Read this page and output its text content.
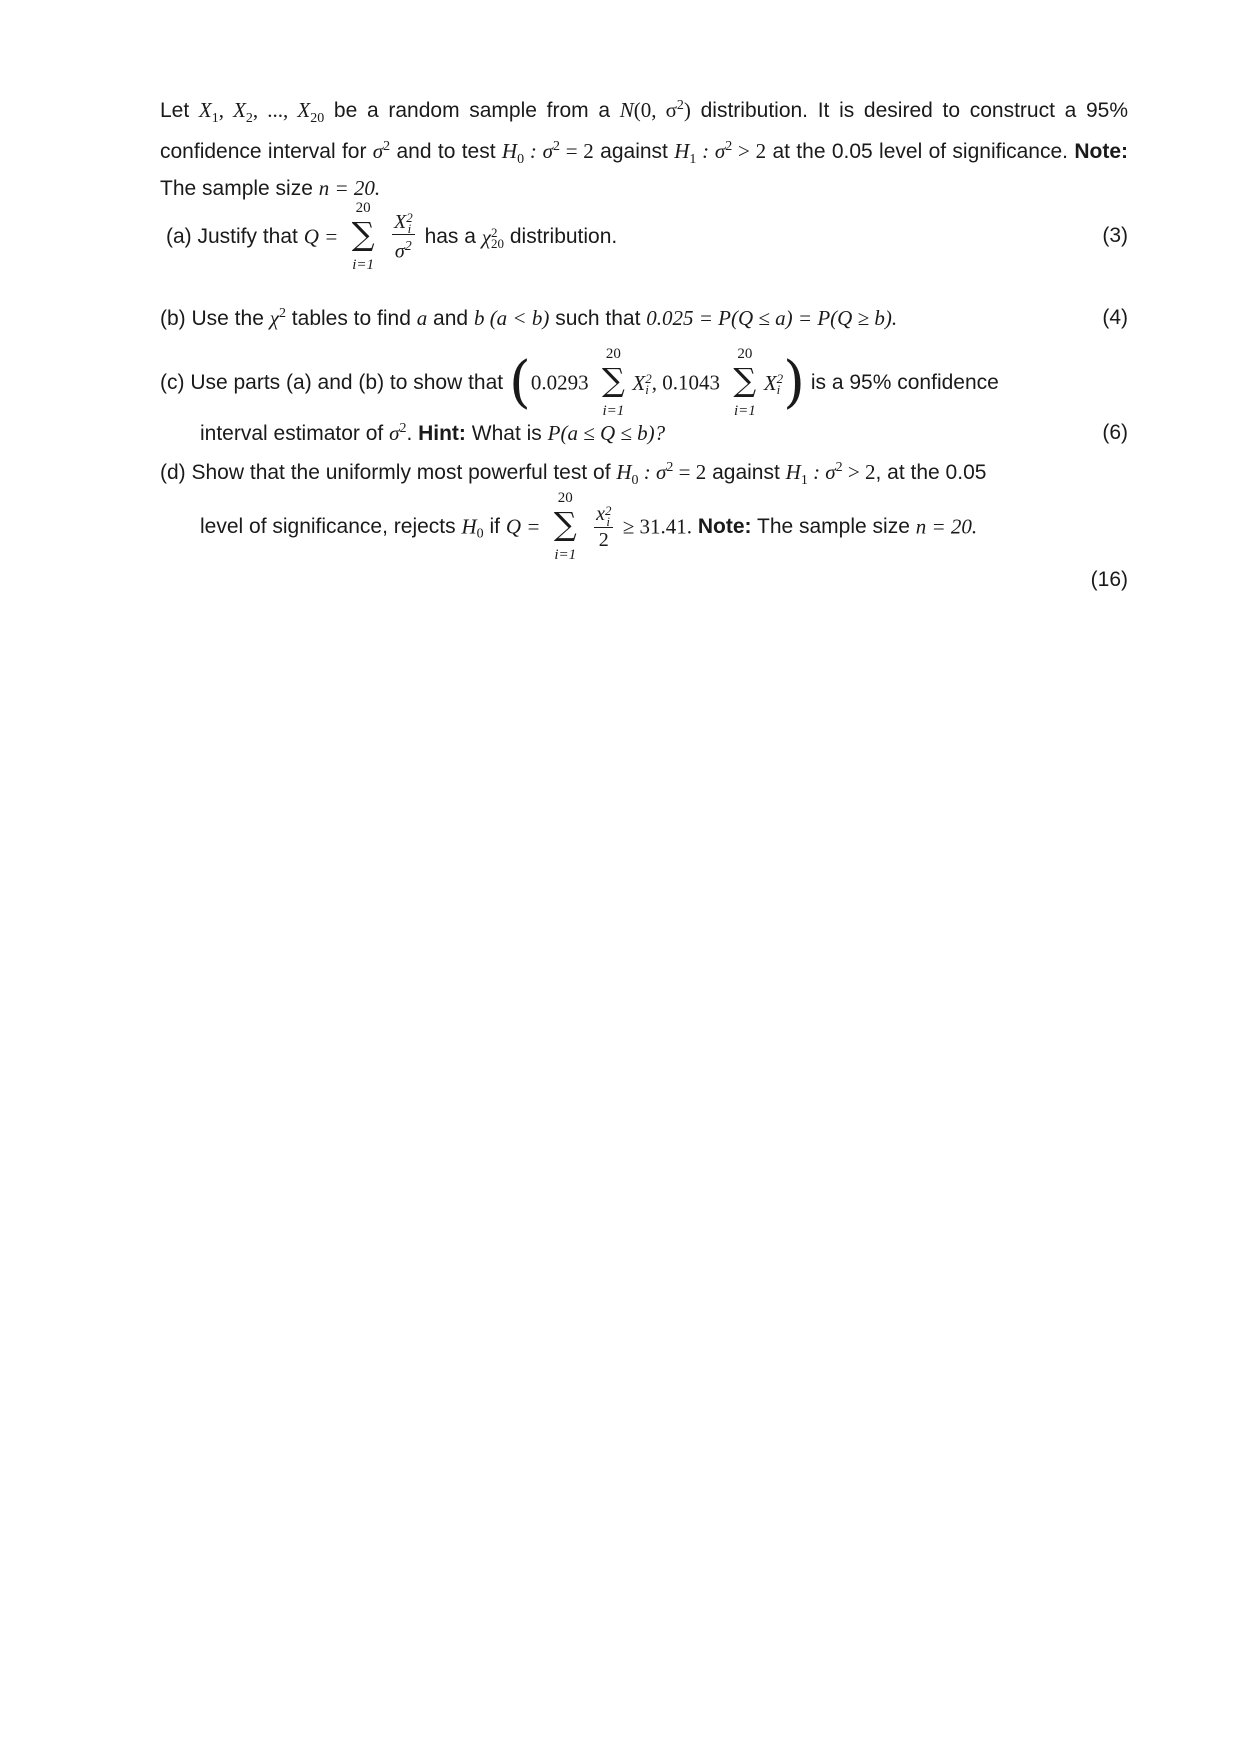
Let $X_1$, $X_2$, ..., $X_{20}$ be a random sample from a N(0, $\sigma^2$) distribution. It is desired to construct a 95% confidence interval for $\sigma^2$ and to test $H_0$ : $\sigma^2 = 2$ against $H_1$ : $\sigma^2 > 2$ at the 0.05 level of significance. Note: The sample size n = 20.
(a) Justify that Q =
20
∑
i=1

X 2
i
$\sigma^2$ has a χ 2
20 distribution.	(3)
(b) Use the $\chi^2$ tables to find a and b (a < b) such that 0.025 = P(Q ≤ a) = P(Q ≥ b).	(4)
(c) Use parts (a) and (b) to show that (0.0293
20
∑
i=1
X 2
i , 0.1043
20
∑
i=1
X 2
i ) is a 95% confidence
interval estimator of $\sigma^2$. Hint: What is P(a ≤ Q ≤ b)?	(6)
(d) Show that the uniformly most powerful test of $H_0$ : $\sigma^2 = 2$ against $H_1$ : $\sigma^2 > 2$, at the 0.05
level of significance, rejects $H_0$ if Q =
20
∑
i=1

x 2
i
2 ≥ 31.41. Note: The sample size n = 20.
(16)
